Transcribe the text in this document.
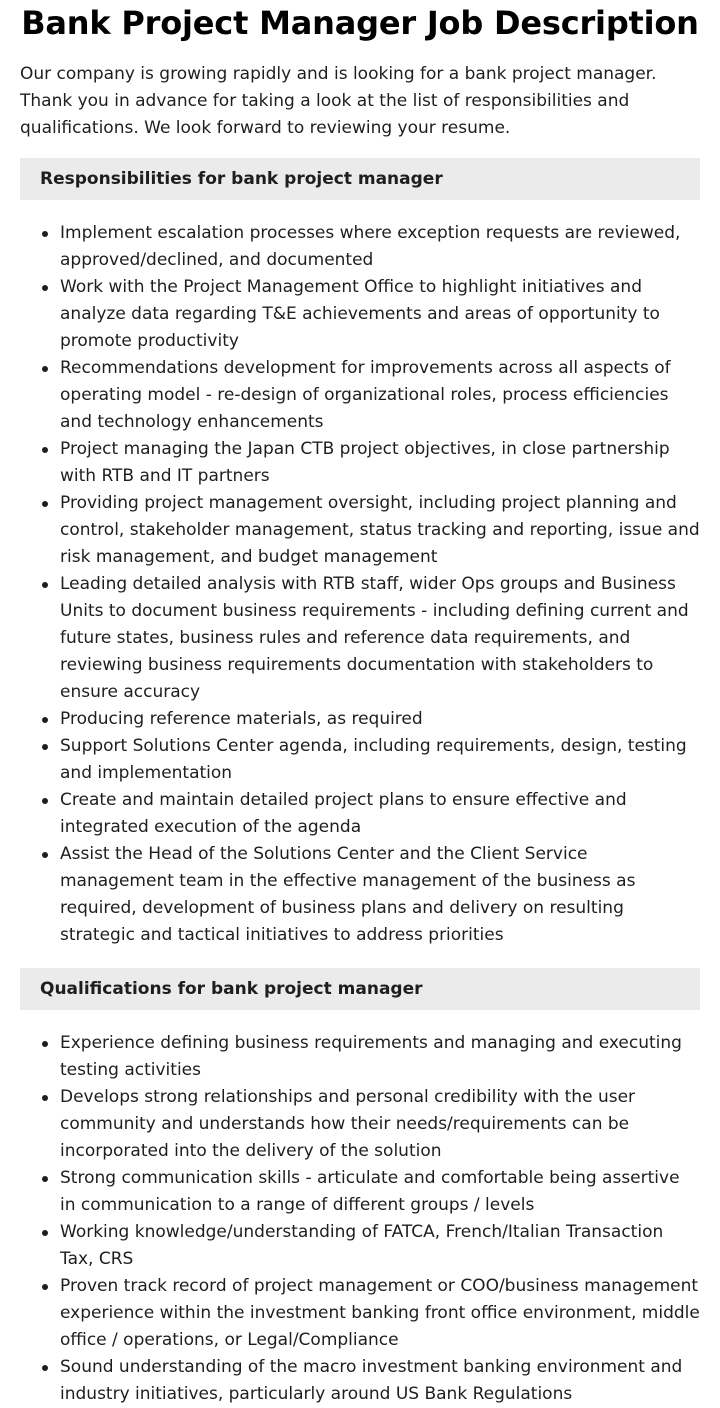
Bank Project Manager Job Description

Our company is growing rapidly and is looking for a bank project manager. Thank you in advance for taking a look at the list of responsibilities and qualifications. We look forward to reviewing your resume.

Responsibilities for bank project manager
Implement escalation processes where exception requests are reviewed, approved/declined, and documented
Work with the Project Management Office to highlight initiatives and analyze data regarding T&E achievements and areas of opportunity to promote productivity
Recommendations development for improvements across all aspects of operating model - re-design of organizational roles, process efficiencies and technology enhancements
Project managing the Japan CTB project objectives, in close partnership with RTB and IT partners
Providing project management oversight, including project planning and control, stakeholder management, status tracking and reporting, issue and risk management, and budget management
Leading detailed analysis with RTB staff, wider Ops groups and Business Units to document business requirements - including defining current and future states, business rules and reference data requirements, and reviewing business requirements documentation with stakeholders to ensure accuracy
Producing reference materials, as required
Support Solutions Center agenda, including requirements, design, testing and implementation
Create and maintain detailed project plans to ensure effective and integrated execution of the agenda
Assist the Head of the Solutions Center and the Client Service management team in the effective management of the business as required, development of business plans and delivery on resulting strategic and tactical initiatives to address priorities
Qualifications for bank project manager
Experience defining business requirements and managing and executing testing activities
Develops strong relationships and personal credibility with the user community and understands how their needs/requirements can be incorporated into the delivery of the solution
Strong communication skills - articulate and comfortable being assertive in communication to a range of different groups / levels
Working knowledge/understanding of FATCA, French/Italian Transaction Tax, CRS
Proven track record of project management or COO/business management experience within the investment banking front office environment, middle office / operations, or Legal/Compliance
Sound understanding of the macro investment banking environment and industry initiatives, particularly around US Bank Regulations
